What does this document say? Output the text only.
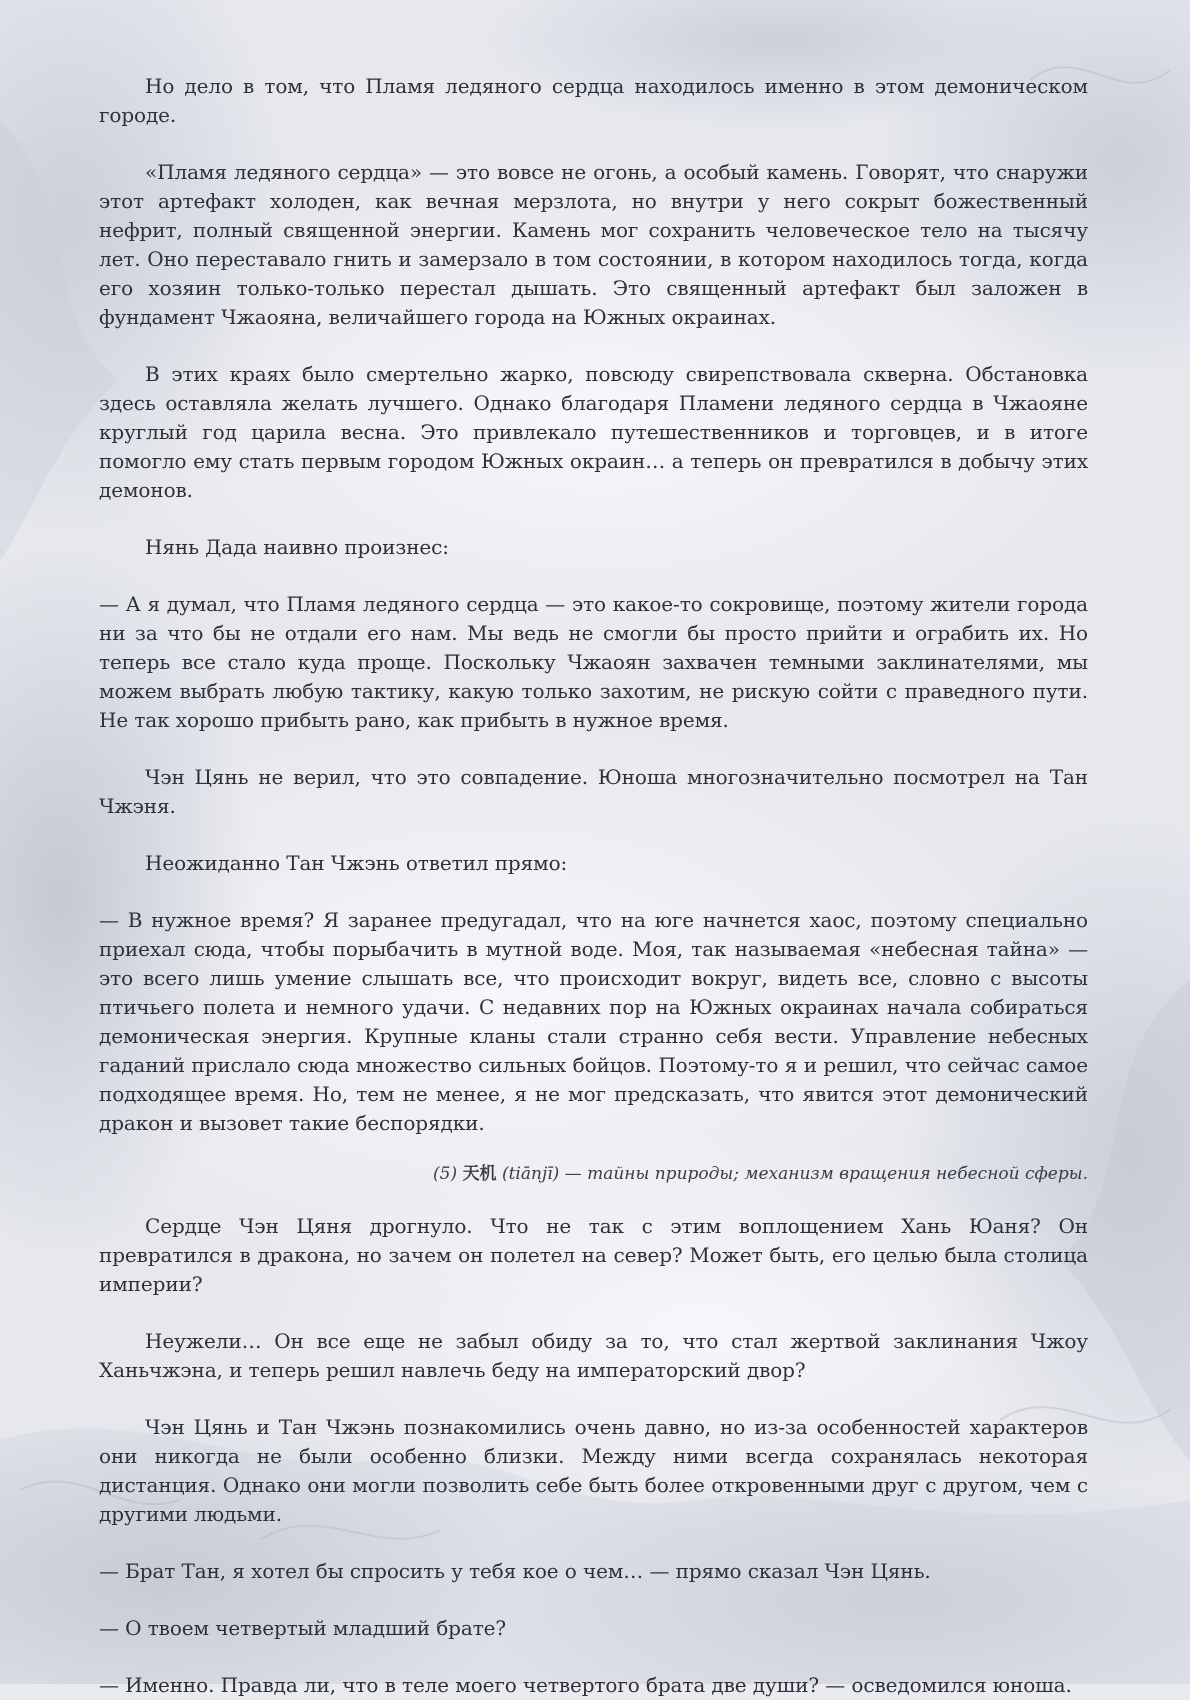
Но дело в том, что Пламя ледяного сердца находилось именно в этом демоническом городе.

«Пламя ледяного сердца» — это вовсе не огонь, а особый камень. Говорят, что снаружи этот артефакт холоден, как вечная мерзлота, но внутри у него сокрыт божественный нефрит, полный священной энергии. Камень мог сохранить человеческое тело на тысячу лет. Оно переставало гнить и замерзало в том состоянии, в котором находилось тогда, когда его хозяин только-только перестал дышать. Это священный артефакт был заложен в фундамент Чжаояна, величайшего города на Южных окраинах.

В этих краях было смертельно жарко, повсюду свирепствовала скверна. Обстановка здесь оставляла желать лучшего. Однако благодаря Пламени ледяного сердца в Чжаояне круглый год царила весна. Это привлекало путешественников и торговцев, и в итоге помогло ему стать первым городом Южных окраин… а теперь он превратился в добычу этих демонов.

Нянь Дада наивно произнес:

— А я думал, что Пламя ледяного сердца — это какое-то сокровище, поэтому жители города ни за что бы не отдали его нам. Мы ведь не смогли бы просто прийти и ограбить их. Но теперь все стало куда проще. Поскольку Чжаоян захвачен темными заклинателями, мы можем выбрать любую тактику, какую только захотим, не рискую сойти с праведного пути. Не так хорошо прибыть рано, как прибыть в нужное время.

Чэн Цянь не верил, что это совпадение. Юноша многозначительно посмотрел на Тан Чжэня.

Неожиданно Тан Чжэнь ответил прямо:

— В нужное время? Я заранее предугадал, что на юге начнется хаос, поэтому специально приехал сюда, чтобы порыбачить в мутной воде. Моя, так называемая «небесная тайна» — это всего лишь умение слышать все, что происходит вокруг, видеть все, словно с высоты птичьего полета и немного удачи. С недавних пор на Южных окраинах начала собираться демоническая энергия. Крупные кланы стали странно себя вести. Управление небесных гаданий прислало сюда множество сильных бойцов. Поэтому-то я и решил, что сейчас самое подходящее время. Но, тем не менее, я не мог предсказать, что явится этот демонический дракон и вызовет такие беспорядки.

(5) 天机 (tiānjī) — тайны природы; механизм вращения небесной сферы.

Сердце Чэн Цяня дрогнуло. Что не так с этим воплощением Хань Юаня? Он превратился в дракона, но зачем он полетел на север? Может быть, его целью была столица империи?

Неужели… Он все еще не забыл обиду за то, что стал жертвой заклинания Чжоу Ханьчжэна, и теперь решил навлечь беду на императорский двор?

Чэн Цянь и Тан Чжэнь познакомились очень давно, но из-за особенностей характеров они никогда не были особенно близки. Между ними всегда сохранялась некоторая дистанция. Однако они могли позволить себе быть более откровенными друг с другом, чем с другими людьми.

— Брат Тан, я хотел бы спросить у тебя кое о чем… — прямо сказал Чэн Цянь.

— О твоем четвертый младший брате?

— Именно. Правда ли, что в теле моего четвертого брата две души? — осведомился юноша.
